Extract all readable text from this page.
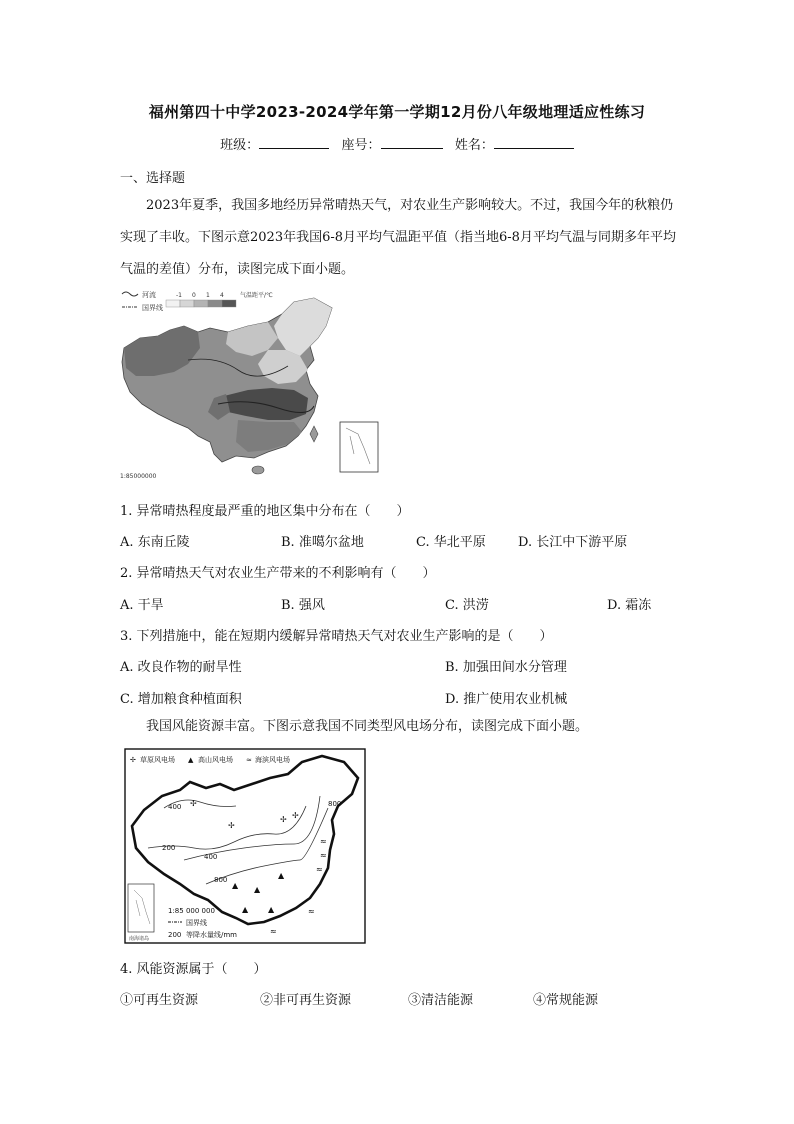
福州第四十中学2023-2024学年第一学期12月份八年级地理适应性练习
班级：	座号：	姓名：
一、选择题
2023年夏季，我国多地经历异常晴热天气，对农业生产影响较大。不过，我国今年的秋粮仍实现了丰收。下图示意2023年我国6-8月平均气温距平值（指当地6-8月平均气温与同期多年平均气温的差值）分布，读图完成下面小题。
河流
国界线
-1 0 1 4	气温距平/℃
1:85000000
1. 异常晴热程度最严重的地区集中分布在（　　）
A. 东南丘陵	B. 准噶尔盆地	C. 华北平原 D. 长江中下游平原
2. 异常晴热天气对农业生产带来的不利影响有（　　）
A. 干旱	B. 强风	C. 洪涝	D. 霜冻
3. 下列措施中，能在短期内缓解异常晴热天气对农业生产影响的是（　　）
A. 改良作物的耐旱性	B. 加强田间水分管理
C. 增加粮食种植面积	D. 推广使用农业机械
我国风能资源丰富。下图示意我国不同类型风电场分布，读图完成下面小题。
✢ 草原风电场 ▲ 高山风电场 ≈ 海滨风电场
400
200
400
800
800
✢
✢
✢ ✢
≈
≈
≈
≈
≈
▲ ▲
▲
▲ ▲
南海诸岛
1:85 000 000
国界线
200 等降水量线/mm
4. 风能资源属于（　　）
①可再生资源	②非可再生资源	③清洁能源	④常规能源
